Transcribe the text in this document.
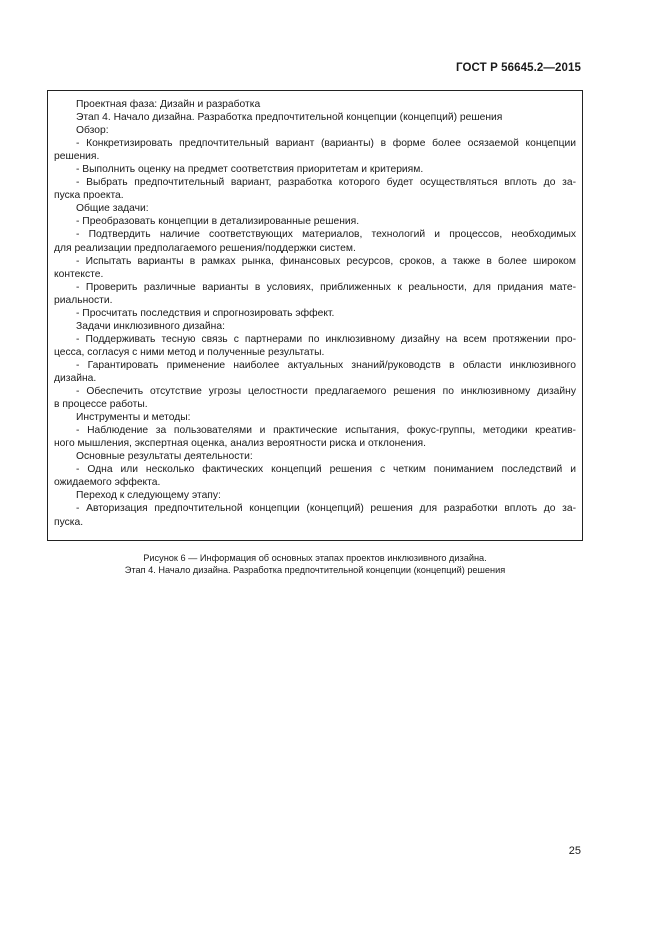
ГОСТ Р 56645.2—2015
Проектная фаза: Дизайн и разработка
Этап 4. Начало дизайна. Разработка предпочтительной концепции (концепций) решения
Обзор:
- Конкретизировать предпочтительный вариант (варианты) в форме более осязаемой концепции
решения.
- Выполнить оценку на предмет соответствия приоритетам и критериям.
- Выбрать предпочтительный вариант, разработка которого будет осуществляться вплоть до за-
пуска проекта.
Общие задачи:
- Преобразовать концепции в детализированные решения.
- Подтвердить наличие соответствующих материалов, технологий и процессов, необходимых
для реализации предполагаемого решения/поддержки систем.
- Испытать варианты в рамках рынка, финансовых ресурсов, сроков, а также в более широком
контексте.
- Проверить различные варианты в условиях, приближенных к реальности, для придания мате-
риальности.
- Просчитать последствия и спрогнозировать эффект.
Задачи инклюзивного дизайна:
- Поддерживать тесную связь с партнерами по инклюзивному дизайну на всем протяжении про-
цесса, согласуя с ними метод и полученные результаты.
- Гарантировать применение наиболее актуальных знаний/руководств в области инклюзивного
дизайна.
- Обеспечить отсутствие угрозы целостности предлагаемого решения по инклюзивному дизайну
в процессе работы.
Инструменты и методы:
- Наблюдение за пользователями и практические испытания, фокус-группы, методики креатив-
ного мышления, экспертная оценка, анализ вероятности риска и отклонения.
Основные результаты деятельности:
- Одна или несколько фактических концепций решения с четким пониманием последствий и
ожидаемого эффекта.
Переход к следующему этапу:
- Авторизация предпочтительной концепции (концепций) решения для разработки вплоть до за-
пуска.
Рисунок 6 — Информация об основных этапах проектов инклюзивного дизайна.
Этап 4. Начало дизайна. Разработка предпочтительной концепции (концепций) решения
25
